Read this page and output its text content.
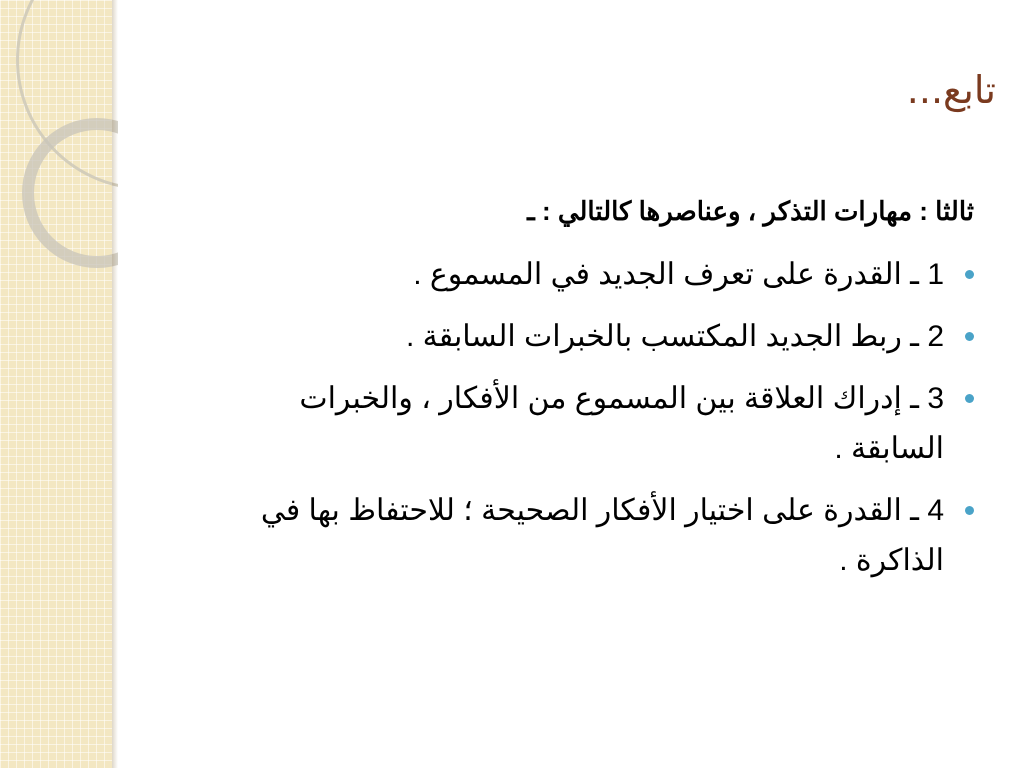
تابع...

ثالثا : مهارات التذكر ، وعناصرها كالتالي : ـ

1 ـ القدرة على تعرف الجديد في المسموع .
2 ـ ربط الجديد المكتسب بالخبرات السابقة .
3 ـ إدراك العلاقة بين المسموع من الأفكار ، والخبرات السابقة .
4 ـ القدرة على اختيار الأفكار الصحيحة ؛ للاحتفاظ بها في الذاكرة .
